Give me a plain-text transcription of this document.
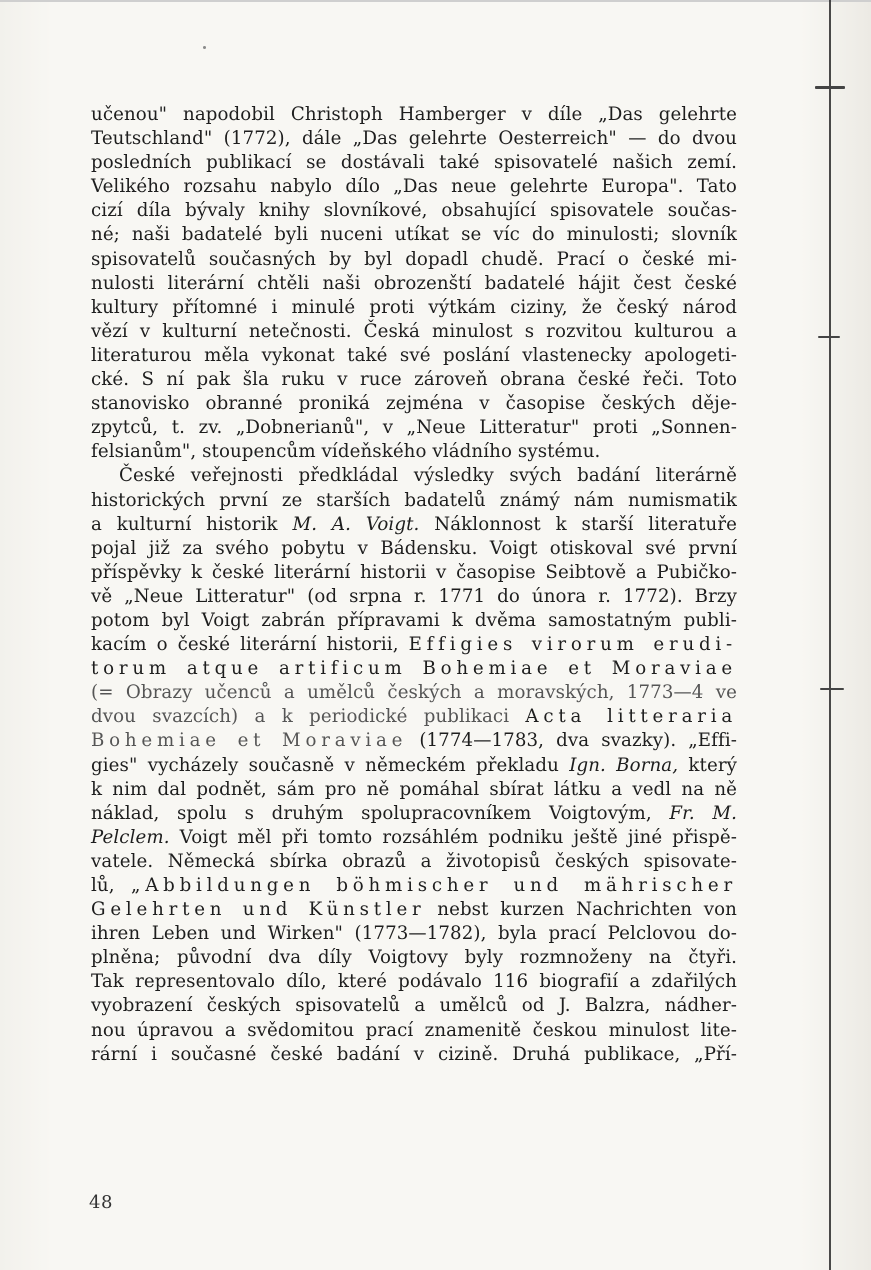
učenou" napodobil Christoph Hamberger v díle „Das gelehrte
Teutschland" (1772), dále „Das gelehrte Oesterreich" — do dvou
posledních publikací se dostávali také spisovatelé našich zemí.
Velikého rozsahu nabylo dílo „Das neue gelehrte Europa". Tato
cizí díla bývaly knihy slovníkové, obsahující spisovatele součas-
né; naši badatelé byli nuceni utíkat se víc do minulosti; slovník
spisovatelů současných by byl dopadl chudě. Prací o české mi-
nulosti literární chtěli naši obrozenští badatelé hájit čest české
kultury přítomné i minulé proti výtkám ciziny, že český národ
vězí v kulturní netečnosti. Česká minulost s rozvitou kulturou a
literaturou měla vykonat také své poslání vlastenecky apologeti-
cké. S ní pak šla ruku v ruce zároveň obrana české řeči. Toto
stanovisko obranné proniká zejména v časopise českých děje-
zpytců, t. zv. „Dobnerianů", v „Neue Litteratur" proti „Sonnen-
felsianům", stoupencům vídeňského vládního systému.
České veřejnosti předkládal výsledky svých badání literárně
historických první ze starších badatelů známý nám numismatik
a kulturní historik M. A. Voigt. Náklonnost k starší literatuře
pojal již za svého pobytu v Bádensku. Voigt otiskoval své první
příspěvky k české literární historii v časopise Seibtově a Pubičko-
vě „Neue Litteratur" (od srpna r. 1771 do února r. 1772). Brzy
potom byl Voigt zabrán přípravami k dvěma samostatným publi-
kacím o české literární historii, Effigies virorum erudi-
torum atque artificum Bohemiae et Moraviae
(= Obrazy učenců a umělců českých a moravských, 1773—4 ve
dvou svazcích) a k periodické publikaci Acta litteraria
Bohemiae et Moraviae (1774—1783, dva svazky). „Effi-
gies" vycházely současně v německém překladu Ign. Borna, který
k nim dal podnět, sám pro ně pomáhal sbírat látku a vedl na ně
náklad, spolu s druhým spolupracovníkem Voigtovým, Fr. M.
Pelclem. Voigt měl při tomto rozsáhlém podniku ještě jiné přispě-
vatele. Německá sbírka obrazů a životopisů českých spisovate-
lů, „Abbildungen böhmischer und mährischer
Gelehrten und Künstler nebst kurzen Nachrichten von
ihren Leben und Wirken" (1773—1782), byla prací Pelclovou do-
plněna; původní dva díly Voigtovy byly rozmnoženy na čtyři.
Tak representovalo dílo, které podávalo 116 biografií a zdařilých
vyobrazení českých spisovatelů a umělců od J. Balzra, nádher-
nou úpravou a svědomitou prací znamenitě českou minulost lite-
rární i současné české badání v cizině. Druhá publikace, „Pří-
48
